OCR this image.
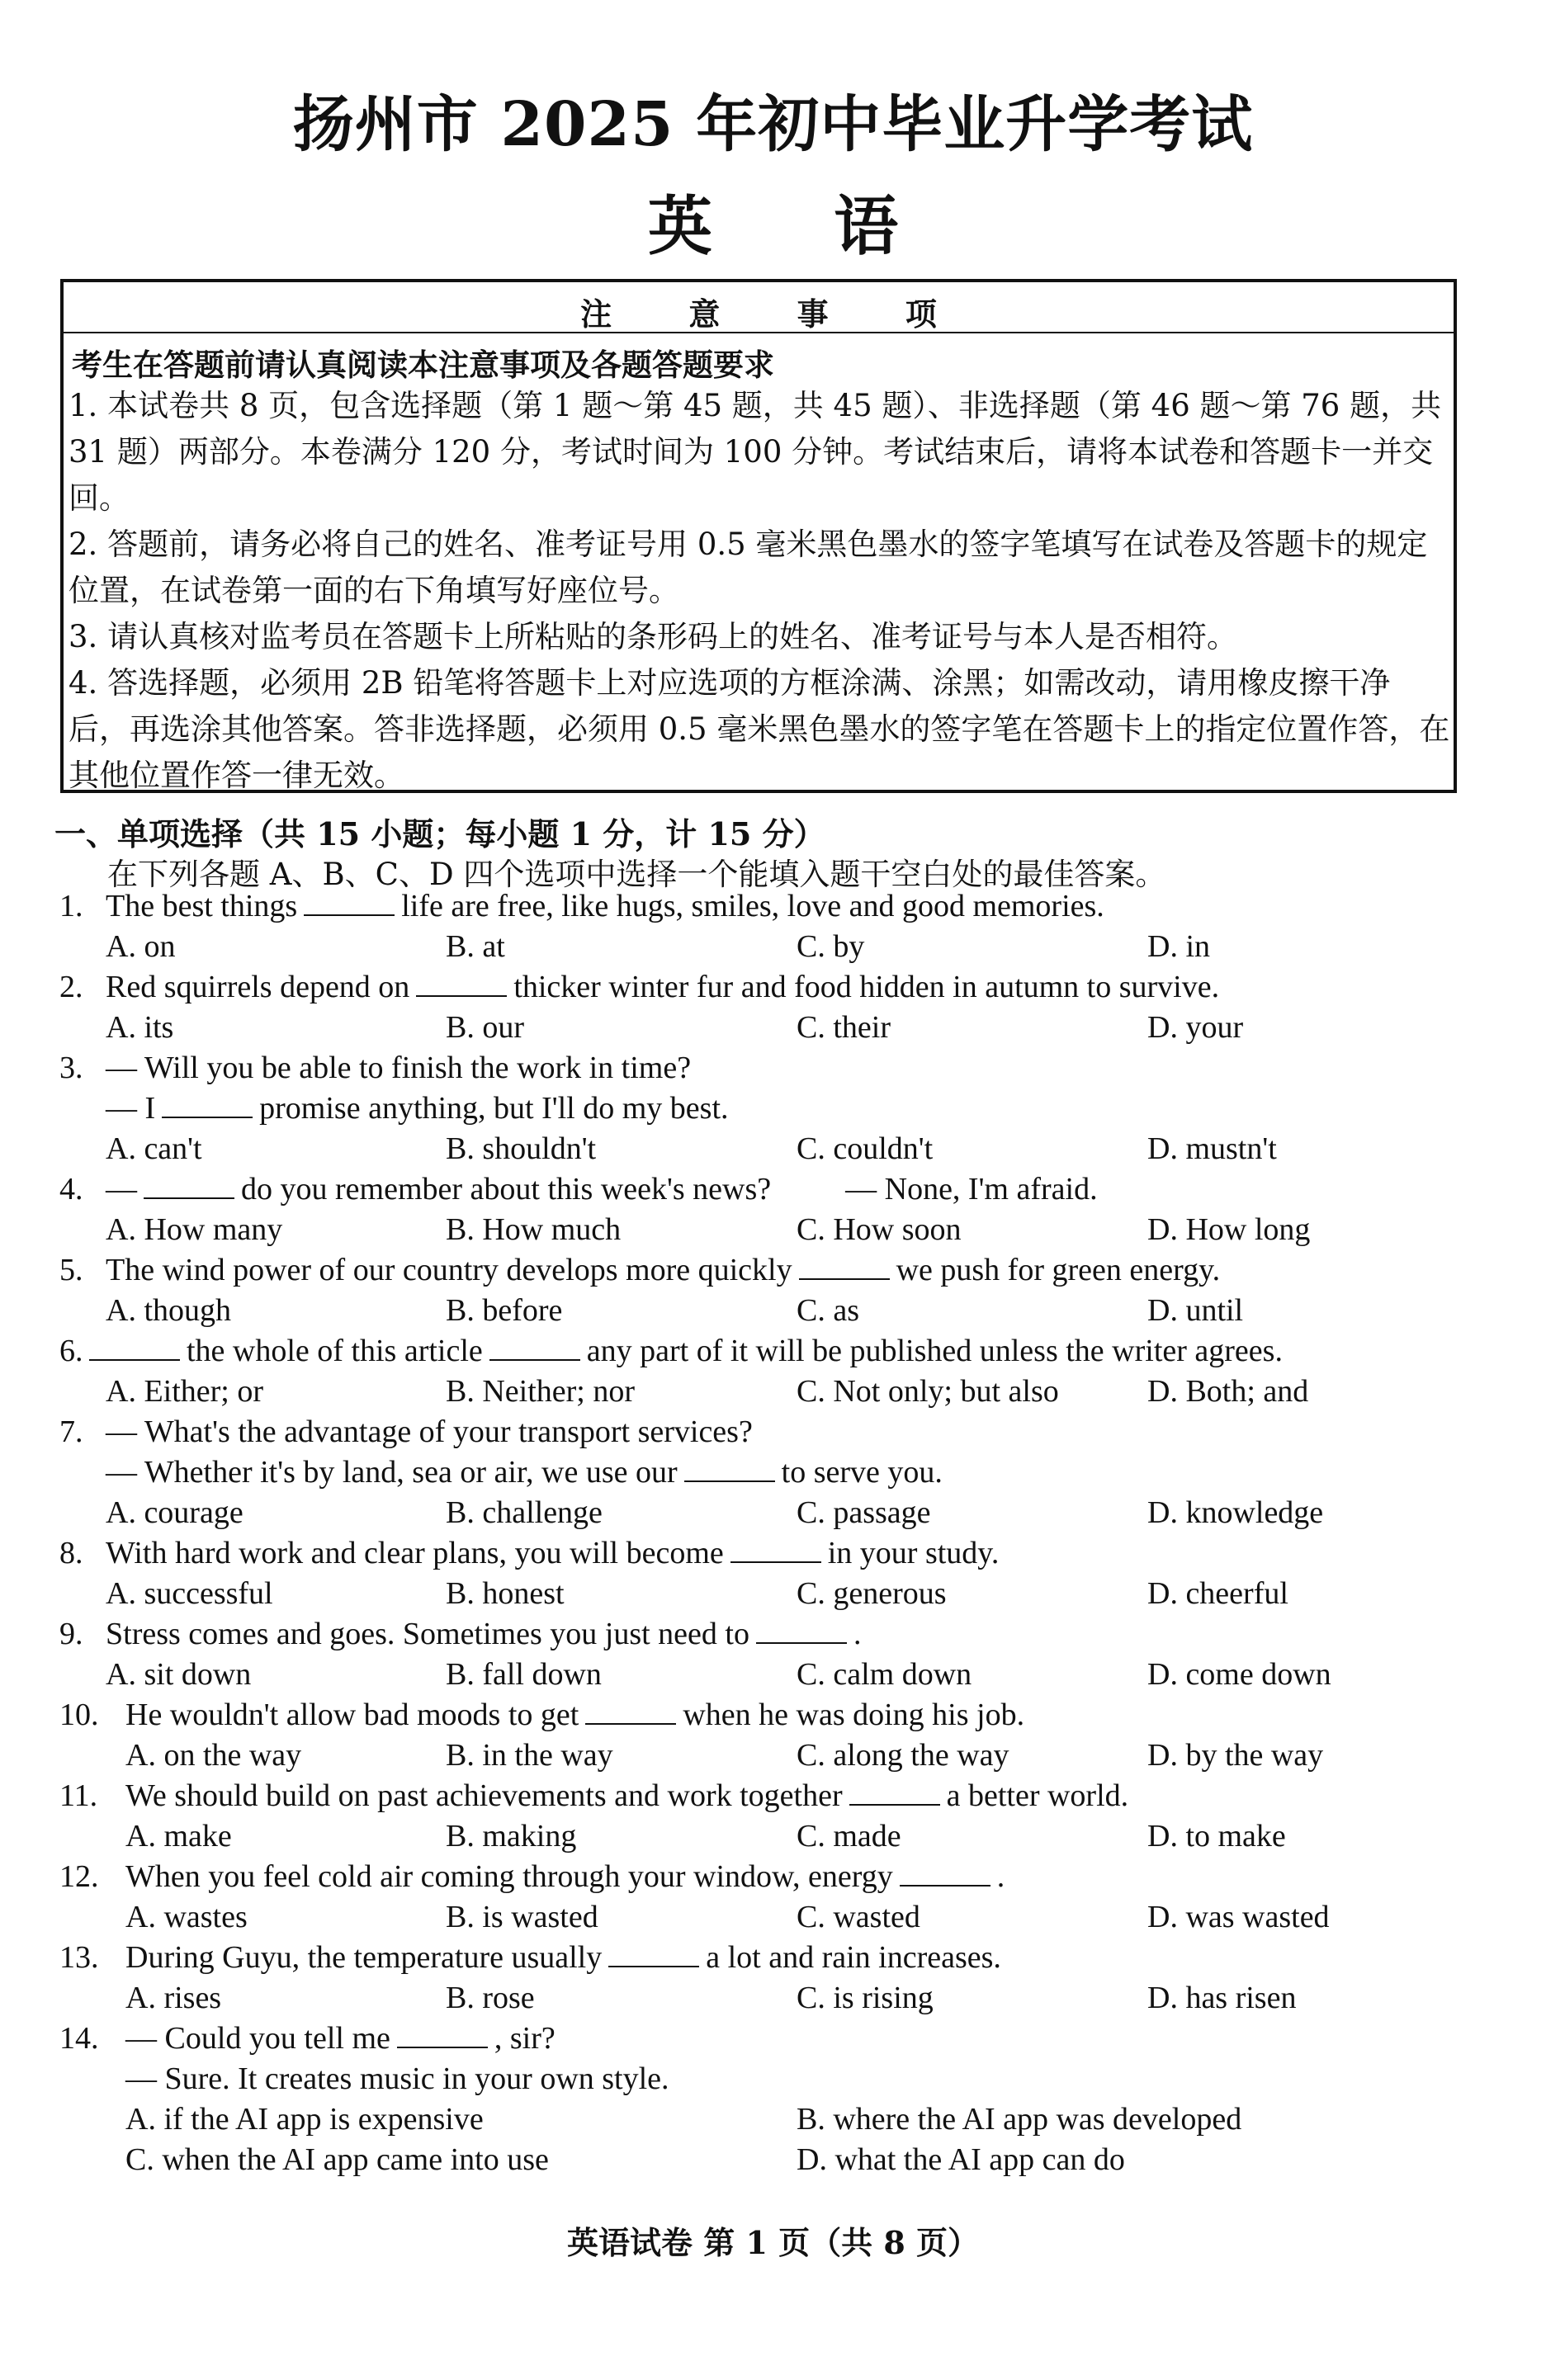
扬州市 2025 年初中毕业升学考试
英 语
注 意 事 项
考生在答题前请认真阅读本注意事项及各题答题要求
1. 本试卷共 8 页，包含选择题（第 1 题～第 45 题，共 45 题）、非选择题（第 46 题～第 76 题，共 31 题）两部分。本卷满分 120 分，考试时间为 100 分钟。考试结束后，请将本试卷和答题卡一并交回。
2. 答题前，请务必将自己的姓名、准考证号用 0.5 毫米黑色墨水的签字笔填写在试卷及答题卡的规定位置，在试卷第一面的右下角填写好座位号。
3. 请认真核对监考员在答题卡上所粘贴的条形码上的姓名、准考证号与本人是否相符。
4. 答选择题，必须用 2B 铅笔将答题卡上对应选项的方框涂满、涂黑；如需改动，请用橡皮擦干净后，再选涂其他答案。答非选择题，必须用 0.5 毫米黑色墨水的签字笔在答题卡上的指定位置作答，在其他位置作答一律无效。
一、单项选择（共 15 小题；每小题 1 分，计 15 分）
在下列各题 A、B、C、D 四个选项中选择一个能填入题干空白处的最佳答案。
1. The best things	life are free, like hugs, smiles, love and good memories.
A. on	B. at	C. by	D. in
2. Red squirrels depend on	thicker winter fur and food hidden in autumn to survive.
A. its	B. our	C. their	D. your
3. — Will you be able to finish the work in time?
— I	promise anything, but I'll do my best.
A. can't	B. shouldn't	C. couldn't	D. mustn't
4. —	do you remember about this week's news? — None, I'm afraid.
A. How many	B. How much	C. How soon	D. How long
5. The wind power of our country develops more quickly	we push for green energy.
A. though	B. before	C. as	D. until
6.	the whole of this article	any part of it will be published unless the writer agrees.
A. Either; or	B. Neither; nor	C. Not only; but also	D. Both; and
7. — What's the advantage of your transport services?
— Whether it's by land, sea or air, we use our	to serve you.
A. courage	B. challenge	C. passage	D. knowledge
8. With hard work and clear plans, you will become	in your study.
A. successful	B. honest	C. generous	D. cheerful
9. Stress comes and goes. Sometimes you just need to	.
A. sit down	B. fall down	C. calm down	D. come down
10. He wouldn't allow bad moods to get	when he was doing his job.
A. on the way	B. in the way	C. along the way	D. by the way
11. We should build on past achievements and work together	a better world.
A. make	B. making	C. made	D. to make
12. When you feel cold air coming through your window, energy	.
A. wastes	B. is wasted	C. wasted	D. was wasted
13. During Guyu, the temperature usually	a lot and rain increases.
A. rises	B. rose	C. is rising	D. has risen
14. — Could you tell me	, sir?
— Sure. It creates music in your own style.
A. if the AI app is expensive	B. where the AI app was developed
C. when the AI app came into use	D. what the AI app can do
英语试卷 第 1 页（共 8 页）
